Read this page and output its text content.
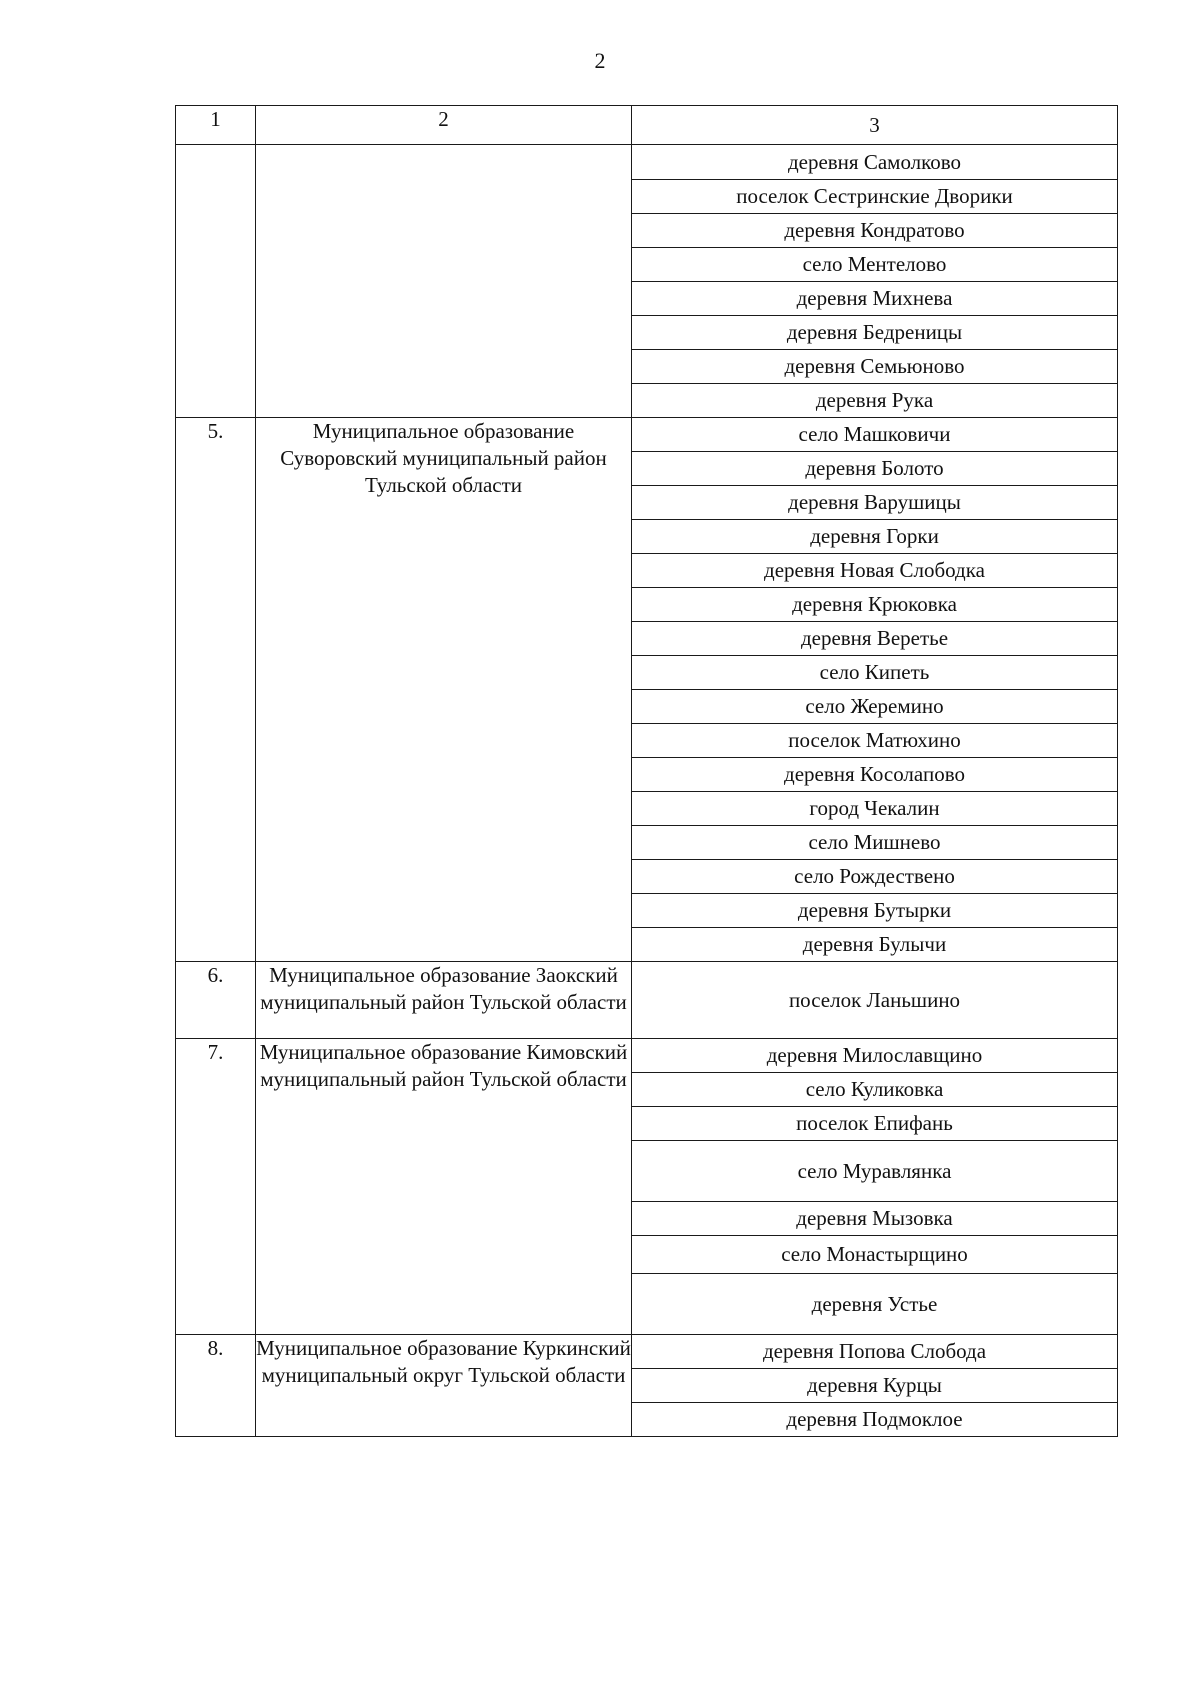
2
1	2	3
		деревня Самолково
		поселок Сестринские Дворики
		деревня Кондратово
		село Ментелово
		деревня Михнева
		деревня Бедреницы
		деревня Семьюново
		деревня Рука
5.	Муниципальное образование Суворовский муниципальный район Тульской области	село Машковичи
		деревня Болото
		деревня Варушицы
		деревня Горки
		деревня Новая Слободка
		деревня Крюковка
		деревня Веретье
		село Кипеть
		село Жеремино
		поселок Матюхино
		деревня Косолапово
		город Чекалин
		село Мишнево
		село Рождествено
		деревня Бутырки
		деревня Булычи
6.	Муниципальное образование Заокский муниципальный район Тульской области	поселок Ланьшино
7.	Муниципальное образование Кимовский муниципальный район Тульской области	деревня Милославщино
		село Куликовка
		поселок Епифань
		село Муравлянка
		деревня Мызовка
		село Монастырщино
		деревня Устье
8.	Муниципальное образование Куркинский муниципальный округ Тульской области	деревня Попова Слобода
		деревня Курцы
		деревня Подмоклое
